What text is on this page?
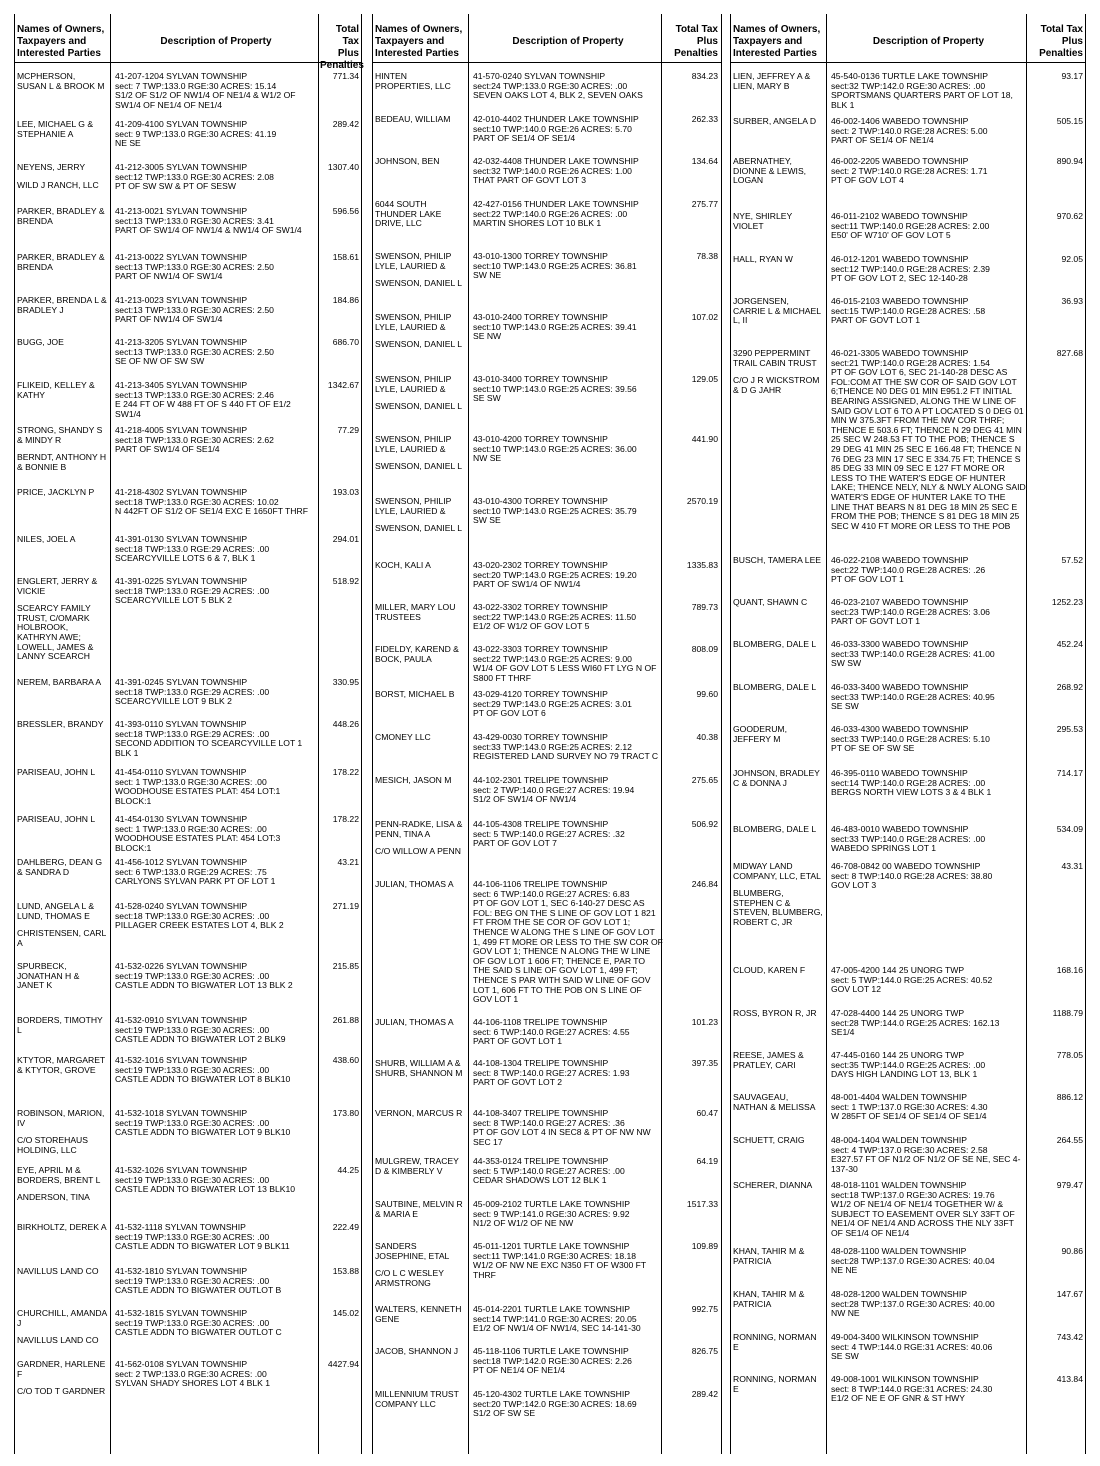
Names of Owners, Taxpayers and Interested Parties
Description of Property
Total Tax Plus Penalties
MCPHERSON, SUSAN L & BROOK M
41-207-1204 SYLVAN TOWNSHIP
sect: 7 TWP:133.0 RGE:30 ACRES: 15.14
S1/2 OF S1/2 OF NW1/4 OF NE1/4 & W1/2 OF SW1/4 OF NE1/4 OF NE1/4
771.34
LEE, MICHAEL G & STEPHANIE A
41-209-4100 SYLVAN TOWNSHIP
sect: 9 TWP:133.0 RGE:30 ACRES: 41.19
NE SE
289.42
NEYENS, JERRY
WILD J RANCH, LLC
41-212-3005 SYLVAN TOWNSHIP
sect:12 TWP:133.0 RGE:30 ACRES: 2.08
PT OF SW SW & PT OF SESW
1307.40
PARKER, BRADLEY & BRENDA
41-213-0021 SYLVAN TOWNSHIP
sect:13 TWP:133.0 RGE:30 ACRES: 3.41
PART OF SW1/4 OF NW1/4 & NW1/4 OF SW1/4
596.56
PARKER, BRADLEY & BRENDA
41-213-0022 SYLVAN TOWNSHIP
sect:13 TWP:133.0 RGE:30 ACRES: 2.50
PART OF NW1/4 OF SW1/4
158.61
PARKER, BRENDA L & BRADLEY J
41-213-0023 SYLVAN TOWNSHIP
sect:13 TWP:133.0 RGE:30 ACRES: 2.50
PART OF NW1/4 OF SW1/4
184.86
BUGG, JOE	41-213-3205 SYLVAN TOWNSHIP
sect:13 TWP:133.0 RGE:30 ACRES: 2.50
SE OF NW OF SW SW
686.70
FLIKEID, KELLEY & KATHY
41-213-3405 SYLVAN TOWNSHIP
sect:13 TWP:133.0 RGE:30 ACRES: 2.46
E 244 FT OF W 488 FT OF S 440 FT OF E1/2 SW1/4
1342.67
STRONG, SHANDY S & MINDY R
BERNDT, ANTHONY H & BONNIE B
41-218-4005 SYLVAN TOWNSHIP
sect:18 TWP:133.0 RGE:30 ACRES: 2.62
PART OF SW1/4 OF SE1/4
77.29
PRICE, JACKLYN P	41-218-4302 SYLVAN TOWNSHIP
sect:18 TWP:133.0 RGE:30 ACRES: 10.02
N 442FT OF S1/2 OF SE1/4 EXC E 1650FT THRF
193.03
NILES, JOEL A	41-391-0130 SYLVAN TOWNSHIP
sect:18 TWP:133.0 RGE:29 ACRES: .00
SCEARCYVILLE LOTS 6 & 7, BLK 1
294.01
ENGLERT, JERRY & VICKIE
SCEARCY FAMILY TRUST, C/OMARK HOLBROOK, KATHRYN AWE; LOWELL, JAMES & LANNY SCEARCH
41-391-0225 SYLVAN TOWNSHIP
sect:18 TWP:133.0 RGE:29 ACRES: .00
SCEARCYVILLE LOT 5 BLK 2
518.92
NEREM, BARBARA A	41-391-0245 SYLVAN TOWNSHIP
sect:18 TWP:133.0 RGE:29 ACRES: .00
SCEARCYVILLE LOT 9 BLK 2
330.95
BRESSLER, BRANDY	41-393-0110 SYLVAN TOWNSHIP
sect:18 TWP:133.0 RGE:29 ACRES: .00
SECOND ADDITION TO SCEARCYVILLE LOT 1 BLK 1
448.26
PARISEAU, JOHN L	41-454-0110 SYLVAN TOWNSHIP
sect: 1 TWP:133.0 RGE:30 ACRES: .00
WOODHOUSE ESTATES PLAT: 454 LOT:1 BLOCK:1
178.22
PARISEAU, JOHN L	41-454-0130 SYLVAN TOWNSHIP
sect: 1 TWP:133.0 RGE:30 ACRES: .00
WOODHOUSE ESTATES PLAT: 454 LOT:3 BLOCK:1
178.22
DAHLBERG, DEAN G & SANDRA D
41-456-1012 SYLVAN TOWNSHIP
sect: 6 TWP:133.0 RGE:29 ACRES: .75
CARLYONS SYLVAN PARK PT OF LOT 1
43.21
LUND, ANGELA L & LUND, THOMAS E
CHRISTENSEN, CARL A
41-528-0240 SYLVAN TOWNSHIP
sect:18 TWP:133.0 RGE:30 ACRES: .00
PILLAGER CREEK ESTATES LOT 4, BLK 2
271.19
SPURBECK, JONATHAN H & JANET K
41-532-0226 SYLVAN TOWNSHIP
sect:19 TWP:133.0 RGE:30 ACRES: .00
CASTLE ADDN TO BIGWATER LOT 13 BLK 2
215.85
BORDERS, TIMOTHY L
41-532-0910 SYLVAN TOWNSHIP
sect:19 TWP:133.0 RGE:30 ACRES: .00
CASTLE ADDN TO BIGWATER LOT 2 BLK9
261.88
KTYTOR, MARGARET & KTYTOR, GROVE
41-532-1016 SYLVAN TOWNSHIP
sect:19 TWP:133.0 RGE:30 ACRES: .00
CASTLE ADDN TO BIGWATER LOT 8 BLK10
438.60
ROBINSON, MARION, IV
C/O STOREHAUS HOLDING, LLC
41-532-1018 SYLVAN TOWNSHIP
sect:19 TWP:133.0 RGE:30 ACRES: .00
CASTLE ADDN TO BIGWATER LOT 9 BLK10
173.80
EYE, APRIL M & BORDERS, BRENT L
ANDERSON, TINA
41-532-1026 SYLVAN TOWNSHIP
sect:19 TWP:133.0 RGE:30 ACRES: .00
CASTLE ADDN TO BIGWATER LOT 13 BLK10
44.25
BIRKHOLTZ, DEREK A 41-532-1118 SYLVAN TOWNSHIP
sect:19 TWP:133.0 RGE:30 ACRES: .00
CASTLE ADDN TO BIGWATER LOT 9 BLK11
222.49
NAVILLUS LAND CO	41-532-1810 SYLVAN TOWNSHIP
sect:19 TWP:133.0 RGE:30 ACRES: .00
CASTLE ADDN TO BIGWATER OUTLOT B
153.88
CHURCHILL, AMANDA J
NAVILLUS LAND CO
41-532-1815 SYLVAN TOWNSHIP
sect:19 TWP:133.0 RGE:30 ACRES: .00
CASTLE ADDN TO BIGWATER OUTLOT C
145.02
GARDNER, HARLENE F
C/O TOD T GARDNER
41-562-0108 SYLVAN TOWNSHIP
sect: 2 TWP:133.0 RGE:30 ACRES: .00
SYLVAN SHADY SHORES LOT 4 BLK 1
4427.94
Names of Owners, Taxpayers and Interested Parties
Description of Property
Total Tax Plus Penalties
HINTEN PROPERTIES, LLC
41-570-0240 SYLVAN TOWNSHIP
sect:24 TWP:133.0 RGE:30 ACRES: .00
SEVEN OAKS LOT 4, BLK 2, SEVEN OAKS
834.23
BEDEAU, WILLIAM	42-010-4402 THUNDER LAKE TOWNSHIP
sect:10 TWP:140.0 RGE:26 ACRES: 5.70
PART OF SE1/4 OF SE1/4
262.33
JOHNSON, BEN	42-032-4408 THUNDER LAKE TOWNSHIP
sect:32 TWP:140.0 RGE:26 ACRES: 1.00
THAT PART OF GOVT LOT 3
134.64
6044 SOUTH THUNDER LAKE DRIVE, LLC
42-427-0156 THUNDER LAKE TOWNSHIP
sect:22 TWP:140.0 RGE:26 ACRES: .00
MARTIN SHORES LOT 10 BLK 1
275.77
SWENSON, PHILIP LYLE, LAURIED &
SWENSON, DANIEL L
43-010-1300 TORREY TOWNSHIP
sect:10 TWP:143.0 RGE:25 ACRES: 36.81
SW NE
78.38
SWENSON, PHILIP LYLE, LAURIED &
SWENSON, DANIEL L
43-010-2400 TORREY TOWNSHIP
sect:10 TWP:143.0 RGE:25 ACRES: 39.41
SE NW
107.02
SWENSON, PHILIP LYLE, LAURIED &
SWENSON, DANIEL L
43-010-3400 TORREY TOWNSHIP
sect:10 TWP:143.0 RGE:25 ACRES: 39.56
SE SW
129.05
SWENSON, PHILIP LYLE, LAURIED &
SWENSON, DANIEL L
43-010-4200 TORREY TOWNSHIP
sect:10 TWP:143.0 RGE:25 ACRES: 36.00
NW SE
441.90
SWENSON, PHILIP LYLE, LAURIED &
SWENSON, DANIEL L
43-010-4300 TORREY TOWNSHIP
sect:10 TWP:143.0 RGE:25 ACRES: 35.79
SW SE
2570.19
KOCH, KALI A	43-020-2302 TORREY TOWNSHIP
sect:20 TWP:143.0 RGE:25 ACRES: 19.20
PART OF SW1/4 OF NW1/4
1335.83
MILLER, MARY LOU TRUSTEES
43-022-3302 TORREY TOWNSHIP
sect:22 TWP:143.0 RGE:25 ACRES: 11.50
E1/2 OF W1/2 OF GOV LOT 5
789.73
FIDELDY, KAREND & BOCK, PAULA
43-022-3303 TORREY TOWNSHIP
sect:22 TWP:143.0 RGE:25 ACRES: 9.00
W1/4 OF GOV LOT 5 LESS WI60 FT LYG N OF S800 FT THRF
808.09
BORST, MICHAEL B	43-029-4120 TORREY TOWNSHIP
sect:29 TWP:143.0 RGE:25 ACRES: 3.01
PT OF GOV LOT 6
99.60
CMONEY LLC	43-429-0030 TORREY TOWNSHIP
sect:33 TWP:143.0 RGE:25 ACRES: 2.12
REGISTERED LAND SURVEY NO 79 TRACT C
40.38
MESICH, JASON M	44-102-2301 TRELIPE TOWNSHIP
sect: 2 TWP:140.0 RGE:27 ACRES: 19.94
S1/2 OF SW1/4 OF NW1/4
275.65
PENN-RADKE, LISA & PENN, TINA A
C/O WILLOW A PENN
44-105-4308 TRELIPE TOWNSHIP
sect: 5 TWP:140.0 RGE:27 ACRES: .32
PART OF GOV LOT 7
506.92
JULIAN, THOMAS A	44-106-1106 TRELIPE TOWNSHIP
sect: 6 TWP:140.0 RGE:27 ACRES: 6.83
PT OF GOV LOT 1, SEC 6-140-27 DESC AS FOL: BEG ON THE S LINE OF GOV LOT 1 821 FT FROM THE SE COR OF GOV LOT 1; THENCE W ALONG THE S LINE OF GOV LOT 1, 499 FT MORE OR LESS TO THE SW COR OF GOV LOT 1; THENCE N ALONG THE W LINE OF GOV LOT 1 606 FT; THENCE E, PAR TO THE SAID S LINE OF GOV LOT 1, 499 FT; THENCE S PAR WITH SAID W LINE OF GOV LOT 1, 606 FT TO THE POB ON S LINE OF GOV LOT 1
246.84
JULIAN, THOMAS A	44-106-1108 TRELIPE TOWNSHIP
sect: 6 TWP:140.0 RGE:27 ACRES: 4.55
PART OF GOVT LOT 1
101.23
SHURB, WILLIAM A & SHURB, SHANNON M
44-108-1304 TRELIPE TOWNSHIP
sect: 8 TWP:140.0 RGE:27 ACRES: 1.93
PART OF GOVT LOT 2
397.35
VERNON, MARCUS R	44-108-3407 TRELIPE TOWNSHIP
sect: 8 TWP:140.0 RGE:27 ACRES: .36
PT OF GOV LOT 4 IN SEC8 & PT OF NW NW SEC 17
60.47
MULGREW, TRACEY D & KIMBERLY V
44-353-0124 TRELIPE TOWNSHIP
sect: 5 TWP:140.0 RGE:27 ACRES: .00
CEDAR SHADOWS LOT 12 BLK 1
64.19
SAUTBINE, MELVIN R & MARIA E
45-009-2102 TURTLE LAKE TOWNSHIP
sect: 9 TWP:141.0 RGE:30 ACRES: 9.92
N1/2 OF W1/2 OF NE NW
1517.33
SANDERS JOSEPHINE, ETAL
C/O L C WESLEY ARMSTRONG
45-011-1201 TURTLE LAKE TOWNSHIP
sect:11 TWP:141.0 RGE:30 ACRES: 18.18
W1/2 OF NW NE EXC N350 FT OF W300 FT THRF
109.89
WALTERS, KENNETH GENE
45-014-2201 TURTLE LAKE TOWNSHIP
sect:14 TWP:141.0 RGE:30 ACRES: 20.05
E1/2 OF NW1/4 OF NW1/4, SEC 14-141-30
992.75
JACOB, SHANNON J	45-118-1106 TURTLE LAKE TOWNSHIP
sect:18 TWP:142.0 RGE:30 ACRES: 2.26
PT OF NE1/4 OF NE1/4
826.75
MILLENNIUM TRUST COMPANY LLC
45-120-4302 TURTLE LAKE TOWNSHIP
sect:20 TWP:142.0 RGE:30 ACRES: 18.69
S1/2 OF SW SE
289.42
Names of Owners, Taxpayers and Interested Parties
Description of Property
Total Tax Plus Penalties
LIEN, JEFFREY A & LIEN, MARY B
45-540-0136 TURTLE LAKE TOWNSHIP
sect:32 TWP:142.0 RGE:30 ACRES: .00
SPORTSMANS QUARTERS PART OF LOT 18, BLK 1
93.17
SURBER, ANGELA D	46-002-1406 WABEDO TOWNSHIP
sect: 2 TWP:140.0 RGE:28 ACRES: 5.00
PART OF SE1/4 OF NE1/4
505.15
ABERNATHEY, DIONNE & LEWIS, LOGAN
46-002-2205 WABEDO TOWNSHIP
sect: 2 TWP:140.0 RGE:28 ACRES: 1.71
PT OF GOV LOT 4
890.94
NYE, SHIRLEY VIOLET
46-011-2102 WABEDO TOWNSHIP
sect:11 TWP:140.0 RGE:28 ACRES: 2.00
E50' OF W710' OF GOV LOT 5
970.62
HALL, RYAN W	46-012-1201 WABEDO TOWNSHIP
sect:12 TWP:140.0 RGE:28 ACRES: 2.39
PT OF GOV LOT 2, SEC 12-140-28
92.05
JORGENSEN, CARRIE L & MICHAEL L, II
46-015-2103 WABEDO TOWNSHIP
sect:15 TWP:140.0 RGE:28 ACRES: .58
PART OF GOVT LOT 1
36.93
3290 PEPPERMINT TRAIL CABIN TRUST
C/O J R WICKSTROM & D G JAHR
46-021-3305 WABEDO TOWNSHIP
sect:21 TWP:140.0 RGE:28 ACRES: 1.54
PT OF GOV LOT 6, SEC 21-140-28 DESC AS FOL:COM AT THE SW COR OF SAID GOV LOT 6;THENCE N0 DEG 01 MIN E951.2 FT INITIAL BEARING ASSIGNED, ALONG THE W LINE OF SAID GOV LOT 6 TO A PT LOCATED S 0 DEG 01 MIN W 375.3FT FROM THE NW COR THRF; THENCE E 503.6 FT; THENCE N 29 DEG 41 MIN 25 SEC W 248.53 FT TO THE POB; THENCE S 29 DEG 41 MIN 25 SEC E 166.48 FT; THENCE N 76 DEG 23 MIN 17 SEC E 334.75 FT; THENCE S 85 DEG 33 MIN 09 SEC E 127 FT MORE OR LESS TO THE WATER'S EDGE OF HUNTER LAKE; THENCE NELY, NLY & NWLY ALONG SAID WATER'S EDGE OF HUNTER LAKE TO THE LINE THAT BEARS N 81 DEG 18 MIN 25 SEC E FROM THE POB; THENCE S 81 DEG 18 MIN 25 SEC W 410 FT MORE OR LESS TO THE POB
827.68
BUSCH, TAMERA LEE 46-022-2108 WABEDO TOWNSHIP
sect:22 TWP:140.0 RGE:28 ACRES: .26
PT OF GOV LOT 1
57.52
QUANT, SHAWN C	46-023-2107 WABEDO TOWNSHIP
sect:23 TWP:140.0 RGE:28 ACRES: 3.06
PART OF GOVT LOT 1
1252.23
BLOMBERG, DALE L	46-033-3300 WABEDO TOWNSHIP
sect:33 TWP:140.0 RGE:28 ACRES: 41.00
SW SW
452.24
BLOMBERG, DALE L	46-033-3400 WABEDO TOWNSHIP
sect:33 TWP:140.0 RGE:28 ACRES: 40.95
SE SW
268.92
GOODERUM, JEFFERY M
46-033-4300 WABEDO TOWNSHIP
sect:33 TWP:140.0 RGE:28 ACRES: 5.10
PT OF SE OF SW SE
295.53
JOHNSON, BRADLEY C & DONNA J
46-395-0110 WABEDO TOWNSHIP
sect:14 TWP:140.0 RGE:28 ACRES: .00
BERGS NORTH VIEW LOTS 3 & 4 BLK 1
714.17
BLOMBERG, DALE L	46-483-0010 WABEDO TOWNSHIP
sect:33 TWP:140.0 RGE:28 ACRES: .00
WABEDO SPRINGS LOT 1
534.09
MIDWAY LAND COMPANY, LLC, ETAL
BLUMBERG, STEPHEN C & STEVEN, BLUMBERG, ROBERT C, JR
46-708-0842 00 WABEDO TOWNSHIP
sect: 8 TWP:140.0 RGE:28 ACRES: 38.80
GOV LOT 3
43.31
CLOUD, KAREN F	47-005-4200 144 25 UNORG TWP
sect: 5 TWP:144.0 RGE:25 ACRES: 40.52
GOV LOT 12
168.16
ROSS, BYRON R, JR	47-028-4400 144 25 UNORG TWP
sect:28 TWP:144.0 RGE:25 ACRES: 162.13
SE1/4
1188.79
REESE, JAMES & PRATLEY, CARI
47-445-0160 144 25 UNORG TWP
sect:35 TWP:144.0 RGE:25 ACRES: .00
DAYS HIGH LANDING LOT 13, BLK 1
778.05
SAUVAGEAU, NATHAN & MELISSA
48-001-4404 WALDEN TOWNSHIP
sect: 1 TWP:137.0 RGE:30 ACRES: 4.30
W 285FT OF SE1/4 OF SE1/4 OF SE1/4
886.12
SCHUETT, CRAIG	48-004-1404 WALDEN TOWNSHIP
sect: 4 TWP:137.0 RGE:30 ACRES: 2.58
E327.57 FT OF N1/2 OF N1/2 OF SE NE, SEC 4- 137-30
264.55
SCHERER, DIANNA	48-018-1101 WALDEN TOWNSHIP
sect:18 TWP:137.0 RGE:30 ACRES: 19.76
W1/2 OF NE1/4 OF NE1/4 TOGETHER W/ & SUBJECT TO EASEMENT OVER SLY 33FT OF NE1/4 OF NE1/4 AND ACROSS THE NLY 33FT OF SE1/4 OF NE1/4
979.47
KHAN, TAHIR M & PATRICIA
48-028-1100 WALDEN TOWNSHIP
sect:28 TWP:137.0 RGE:30 ACRES: 40.04
NE NE
90.86
KHAN, TAHIR M & PATRICIA
48-028-1200 WALDEN TOWNSHIP
sect:28 TWP:137.0 RGE:30 ACRES: 40.00
NW NE
147.67
RONNING, NORMAN E
49-004-3400 WILKINSON TOWNSHIP
sect: 4 TWP:144.0 RGE:31 ACRES: 40.06
SE SW
743.42
RONNING, NORMAN E
49-008-1001 WILKINSON TOWNSHIP
sect: 8 TWP:144.0 RGE:31 ACRES: 24.30
E1/2 OF NE E OF GNR & ST HWY
413.84
